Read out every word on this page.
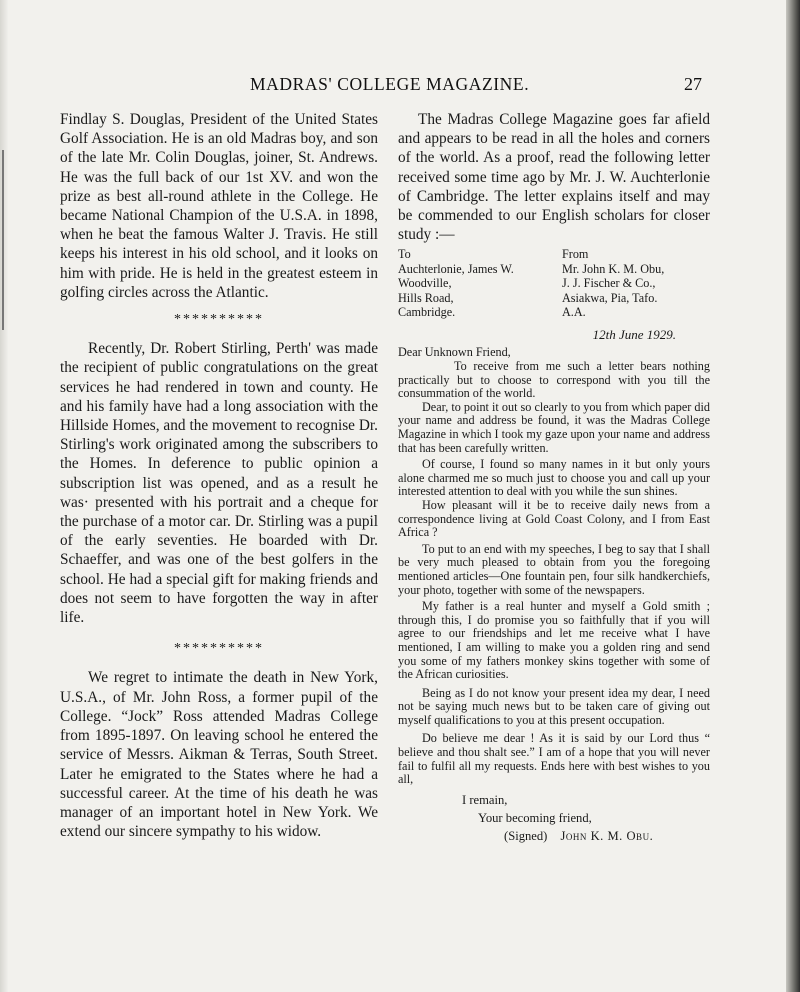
MADRAS' COLLEGE MAGAZINE.	27

Findlay S. Douglas, President of the United States Golf Association. He is an old Madras boy, and son of the late Mr. Colin Douglas, joiner, St. Andrews. He was the full back of our 1st XV. and won the prize as best all-round athlete in the College. He became National Champion of the U.S.A. in 1898, when he beat the famous Walter J. Travis. He still keeps his interest in his old school, and it looks on him with pride. He is held in the greatest esteem in golfing circles across the Atlantic.

**********

Recently, Dr. Robert Stirling, Perth' was made the recipient of public congratulations on the great services he had rendered in town and county. He and his family have had a long association with the Hillside Homes, and the movement to recognise Dr. Stirling's work originated among the subscribers to the Homes. In deference to public opinion a subscription list was opened, and as a result he was· presented with his portrait and a cheque for the purchase of a motor car. Dr. Stirling was a pupil of the early seventies. He boarded with Dr. Schaeffer, and was one of the best golfers in the school. He had a special gift for making friends and does not seem to have forgotten the way in after life.

**********

We regret to intimate the death in New York, U.S.A., of Mr. John Ross, a former pupil of the College. “Jock” Ross attended Madras College from 1895-1897. On leaving school he entered the service of Messrs. Aikman & Terras, South Street. Later he emigrated to the States where he had a successful career. At the time of his death he was manager of an important hotel in New York. We extend our sincere sympathy to his widow.

The Madras College Magazine goes far afield and appears to be read in all the holes and corners of the world. As a proof, read the following letter received some time ago by Mr. J. W. Auchterlonie of Cambridge. The letter explains itself and may be commended to our English scholars for closer study :—

To	From
Auchterlonie, James W.	Mr. John K. M. Obu,
Woodville,	J. J. Fischer & Co.,
Hills Road,	Asiakwa, Pia, Tafo.
Cambridge.	A.A.
12th June 1929.
Dear Unknown Friend,

To receive from me such a letter bears nothing practically but to choose to correspond with you till the consummation of the world.

Dear, to point it out so clearly to you from which paper did your name and address be found, it was the Madras College Magazine in which I took my gaze upon your name and address that has been carefully written.

Of course, I found so many names in it but only yours alone charmed me so much just to choose you and call up your interested attention to deal with you while the sun shines.

How pleasant will it be to receive daily news from a correspondence living at Gold Coast Colony, and I from East Africa ?

To put to an end with my speeches, I beg to say that I shall be very much pleased to obtain from you the foregoing mentioned articles—One fountain pen, four silk handkerchiefs, your photo, together with some of the newspapers.

My father is a real hunter and myself a Gold smith ; through this, I do promise you so faithfully that if you will agree to our friendships and let me receive what I have mentioned, I am willing to make you a golden ring and send you some of my fathers monkey skins together with some of the African curiosities.

Being as I do not know your present idea my dear, I need not be saying much news but to be taken care of giving out myself qualifications to you at this present occupation.

Do believe me dear ! As it is said by our Lord thus “ believe and thou shalt see.” I am of a hope that you will never fail to fulfil all my requests. Ends here with best wishes to you all,

I remain,
Your becoming friend,
(Signed) John K. M. Obu.
